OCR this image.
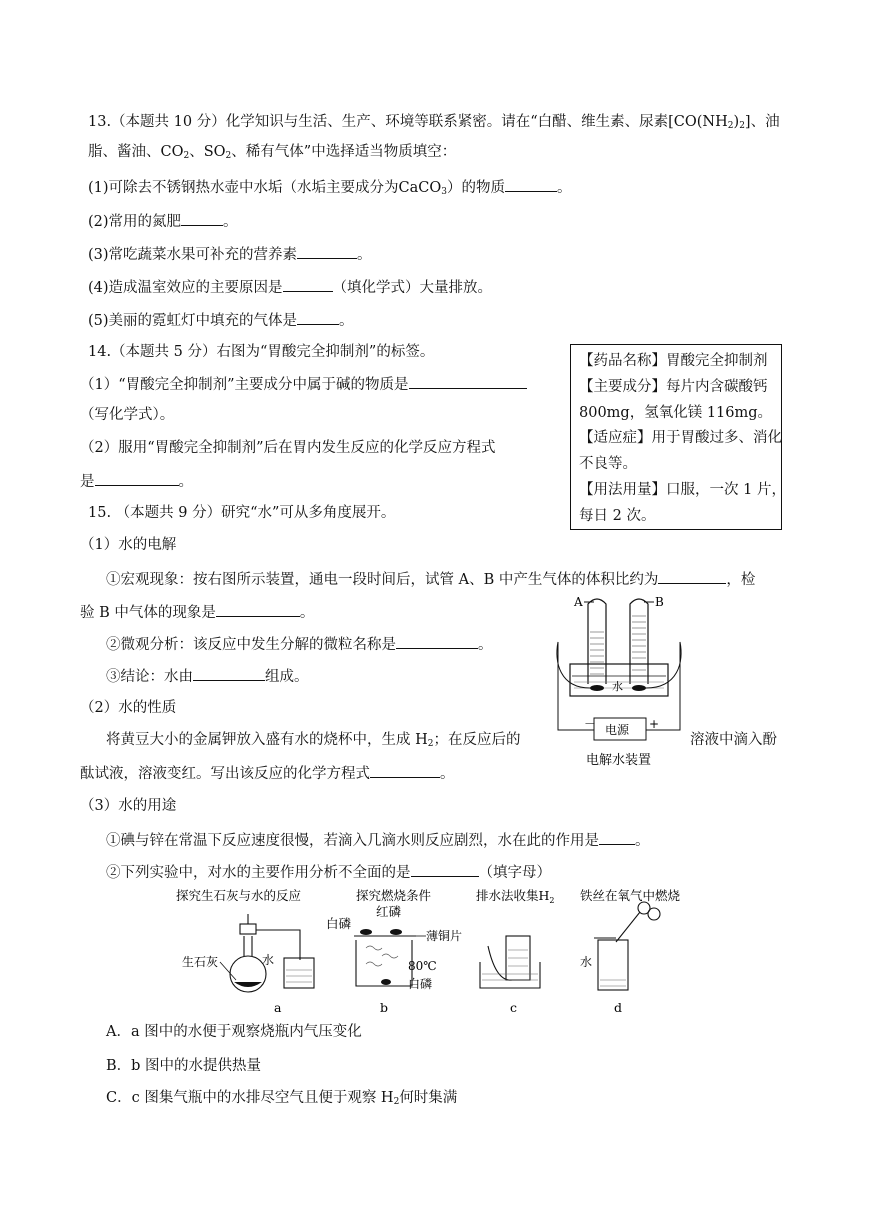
13.（本题共 10 分）化学知识与生活、生产、环境等联系紧密。请在“白醋、维生素、尿素$[CO(NH_2)_2]$、油
脂、酱油、$CO_2$、$SO_2$、稀有气体”中选择适当物质填空：
(1)可除去不锈钢热水壶中水垢（水垢主要成分为CaCO$_3$）的物质	。
(2)常用的氮肥	。
(3)常吃蔬菜水果可补充的营养素	。
(4)造成温室效应的主要原因是	（填化学式）大量排放。
(5)美丽的霓虹灯中填充的气体是	。
14.（本题共 5 分）右图为“胃酸完全抑制剂”的标签。
（1）“胃酸完全抑制剂”主要成分中属于碱的物质是
（写化学式）。
（2）服用“胃酸完全抑制剂”后在胃内发生反应的化学反应方程式
是	。
【药品名称】胃酸完全抑制剂
【主要成分】每片内含碳酸钙
800mg，氢氧化镁 116mg。
【适应症】用于胃酸过多、消化
不良等。
【用法用量】口服，一次 1 片，
每日 2 次。
15. （本题共 9 分）研究“水”可从多角度展开。
（1）水的电解
①宏观现象：按右图所示装置，通电一段时间后，试管 A、B 中产生气体的体积比约为	，检
验 B 中气体的现象是	。
②微观分析：该反应中发生分解的微粒名称是	。
③结论：水由	组成。
（2）水的性质
将黄豆大小的金属钾放入盛有水的烧杯中，生成 $H_2$；在反应后的	溶液中滴入酚
酞试液，溶液变红。写出该反应的化学方程式	。
（3）水的用途
①碘与锌在常温下反应速度很慢，若滴入几滴水则反应剧烈，水在此的作用是 。
②下列实验中，对水的主要作用分析不全面的是	（填字母）
A．a 图中的水便于观察烧瓶内气压变化
B．b 图中的水提供热量
C．c 图集气瓶中的水排尽空气且便于观察 $H_2$何时集满
A	B
水
电源
－	+
电解水装置
探究生石灰与水的反应
生石灰	水
a
探究燃烧条件
红磷
白磷
薄铜片
80℃
白磷
b
排水法收集$H_2$
c
铁丝在氧气中燃烧
水
d
